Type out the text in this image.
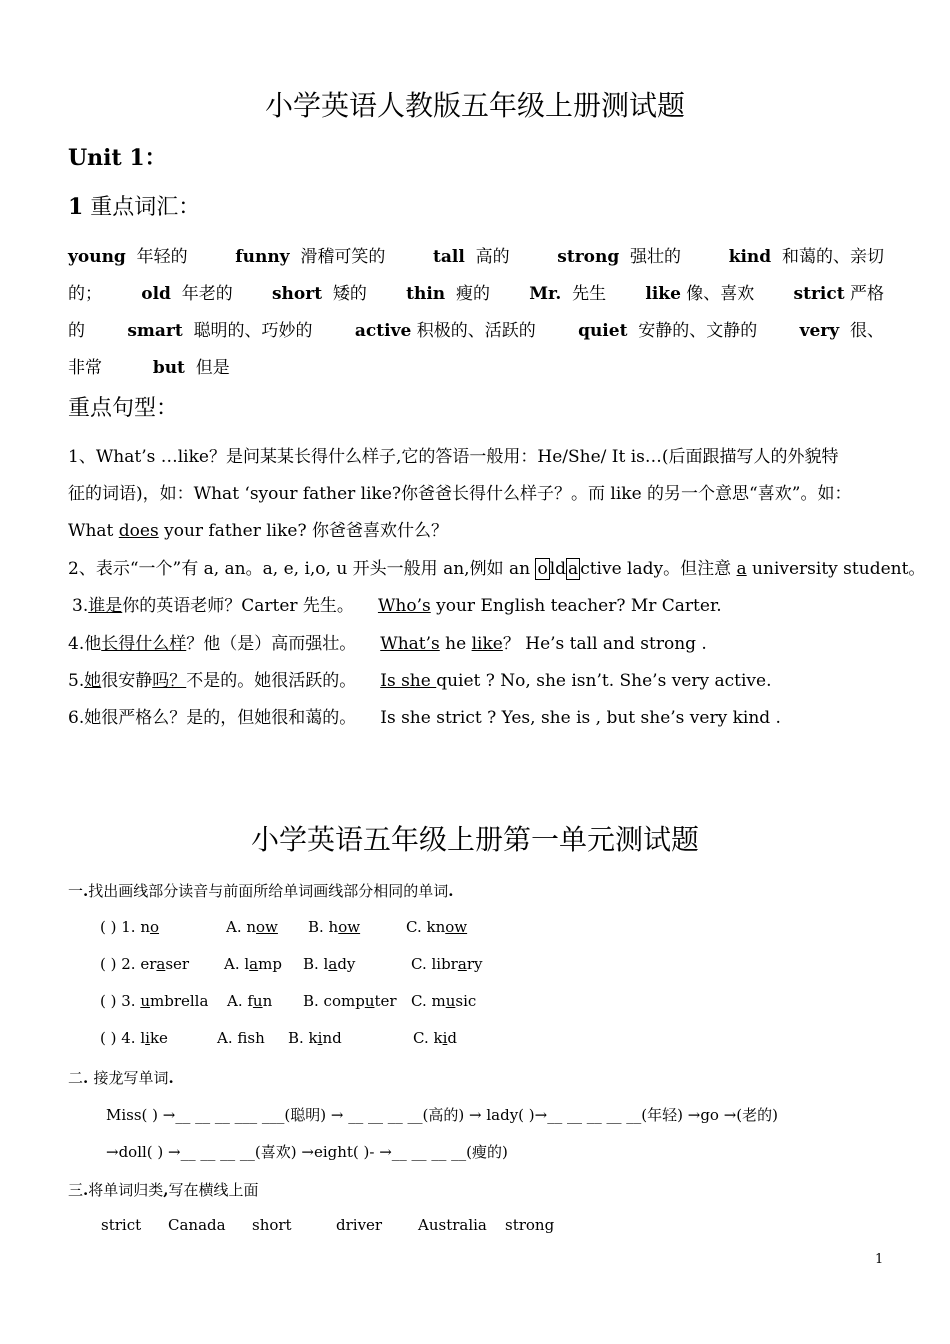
小学英语人教版五年级上册测试题
Unit 1：
1 重点词汇：
young 年轻的	funny 滑稽可笑的	tall 高的	strong 强壮的	kind 和蔼的、亲切
的； old 年老的 short 矮的 thin 瘦的 Mr. 先生 like 像、喜欢 strict 严格
的 smart 聪明的、巧妙的 active 积极的、活跃的 quiet 安静的、文静的 very 很、
非常	but 但是
重点句型：
1、What’s …like？是问某某长得什么样子,它的答语一般用：He/She/ It is…(后面跟描写人的外貌特
征的词语)，如：What ‘syour father like?你爸爸长得什么样子？。而 like 的另一个意思“喜欢”。如：
What does your father like? 你爸爸喜欢什么？
2、表示“一个”有 a, an。a, e, i,o, u 开头一般用 an,例如 an o ld a ctive lady。但注意 a university student。
3.谁是你的英语老师？Carter 先生。 Who’s your English teacher? Mr Carter.
4.他长得什么样？他（是）高而强壮。 What’s he like？ He’s tall and strong .
5.她很安静吗？不是的。她很活跃的。 Is she quiet ? No, she isn’t. She’s very active.
6.她很严格么？是的，但她很和蔼的。 Is she strict ? Yes, she is , but she’s very kind .
小学英语五年级上册第一单元测试题
一.找出画线部分读音与前面所给单词画线部分相同的单词.
( ) 1. no	A. now B. how	C. know
( ) 2. eraser A. lamp B. lady	C. library
( ) 3. umbrella A. fun B. computer C. music
( ) 4. like	A. fsh B. kind	C. kid
二. 接龙写单词.
Miss( ) →__ __ __ ___ ___(聪明) → __ __ __ __(高的) → lady( )→__ __ __ __ __(年轻) →go →(老的)
→doll( ) →__ __ __ __(喜欢) →eight( )- →__ __ __ __(瘦的)
三.将单词归类,写在横线上面
strict Canada short	driver Australia strong
1
